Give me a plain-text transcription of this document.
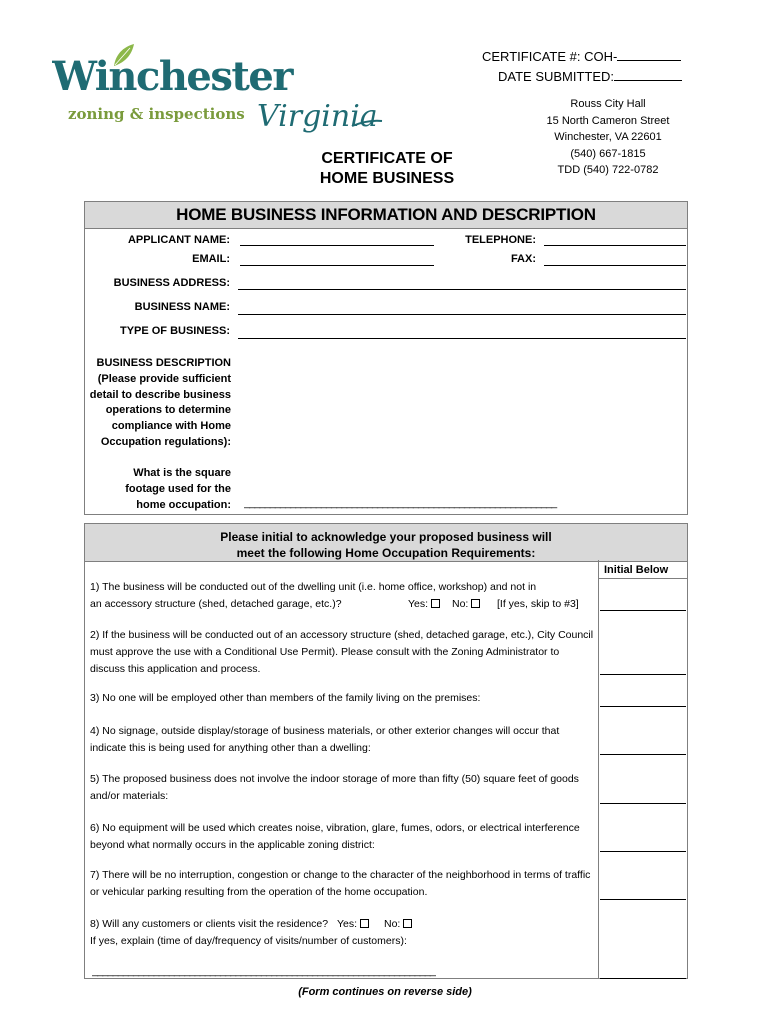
Winchester
zoning & inspections Virginia
CERTIFICATE #: COH-
DATE SUBMITTED:
Rouss City Hall
15 North Cameron Street
Winchester, VA 22601
(540) 667-1815
TDD (540) 722-0782
CERTIFICATE OF
HOME BUSINESS
HOME BUSINESS INFORMATION AND DESCRIPTION
APPLICANT NAME:	TELEPHONE:
EMAIL:	FAX:
BUSINESS ADDRESS:
BUSINESS NAME:
TYPE OF BUSINESS:
BUSINESS DESCRIPTION
(Please provide sufficient
detail to describe business
operations to determine
compliance with Home
Occupation regulations):
What is the square
footage used for the
home occupation: _____________________________________________________________
Please initial to acknowledge your proposed business will
meet the following Home Occupation Requirements:
Initial Below
1) The business will be conducted out of the dwelling unit (i.e. home office, workshop) and not in
an accessory structure (shed, detached garage, etc.)?	Yes:	No:	[If yes, skip to #3]
2) If the business will be conducted out of an accessory structure (shed, detached garage, etc.), City Council must approve the use with a Conditional Use Permit). Please consult with the Zoning Administrator to discuss this application and process.
3) No one will be employed other than members of the family living on the premises:
4) No signage, outside display/storage of business materials, or other exterior changes will occur that indicate this is being used for anything other than a dwelling:
5) The proposed business does not involve the indoor storage of more than fifty (50) square feet of goods and/or materials:
6) No equipment will be used which creates noise, vibration, glare, fumes, odors, or electrical interference beyond what normally occurs in the applicable zoning district:
7) There will be no interruption, congestion or change to the character of the neighborhood in terms of traffic or vehicular parking resulting from the operation of the home occupation.
8) Will any customers or clients visit the residence? Yes:	No:
If yes, explain (time of day/frequency of visits/number of customers):
___________________________________________________________________
(Form continues on reverse side)
